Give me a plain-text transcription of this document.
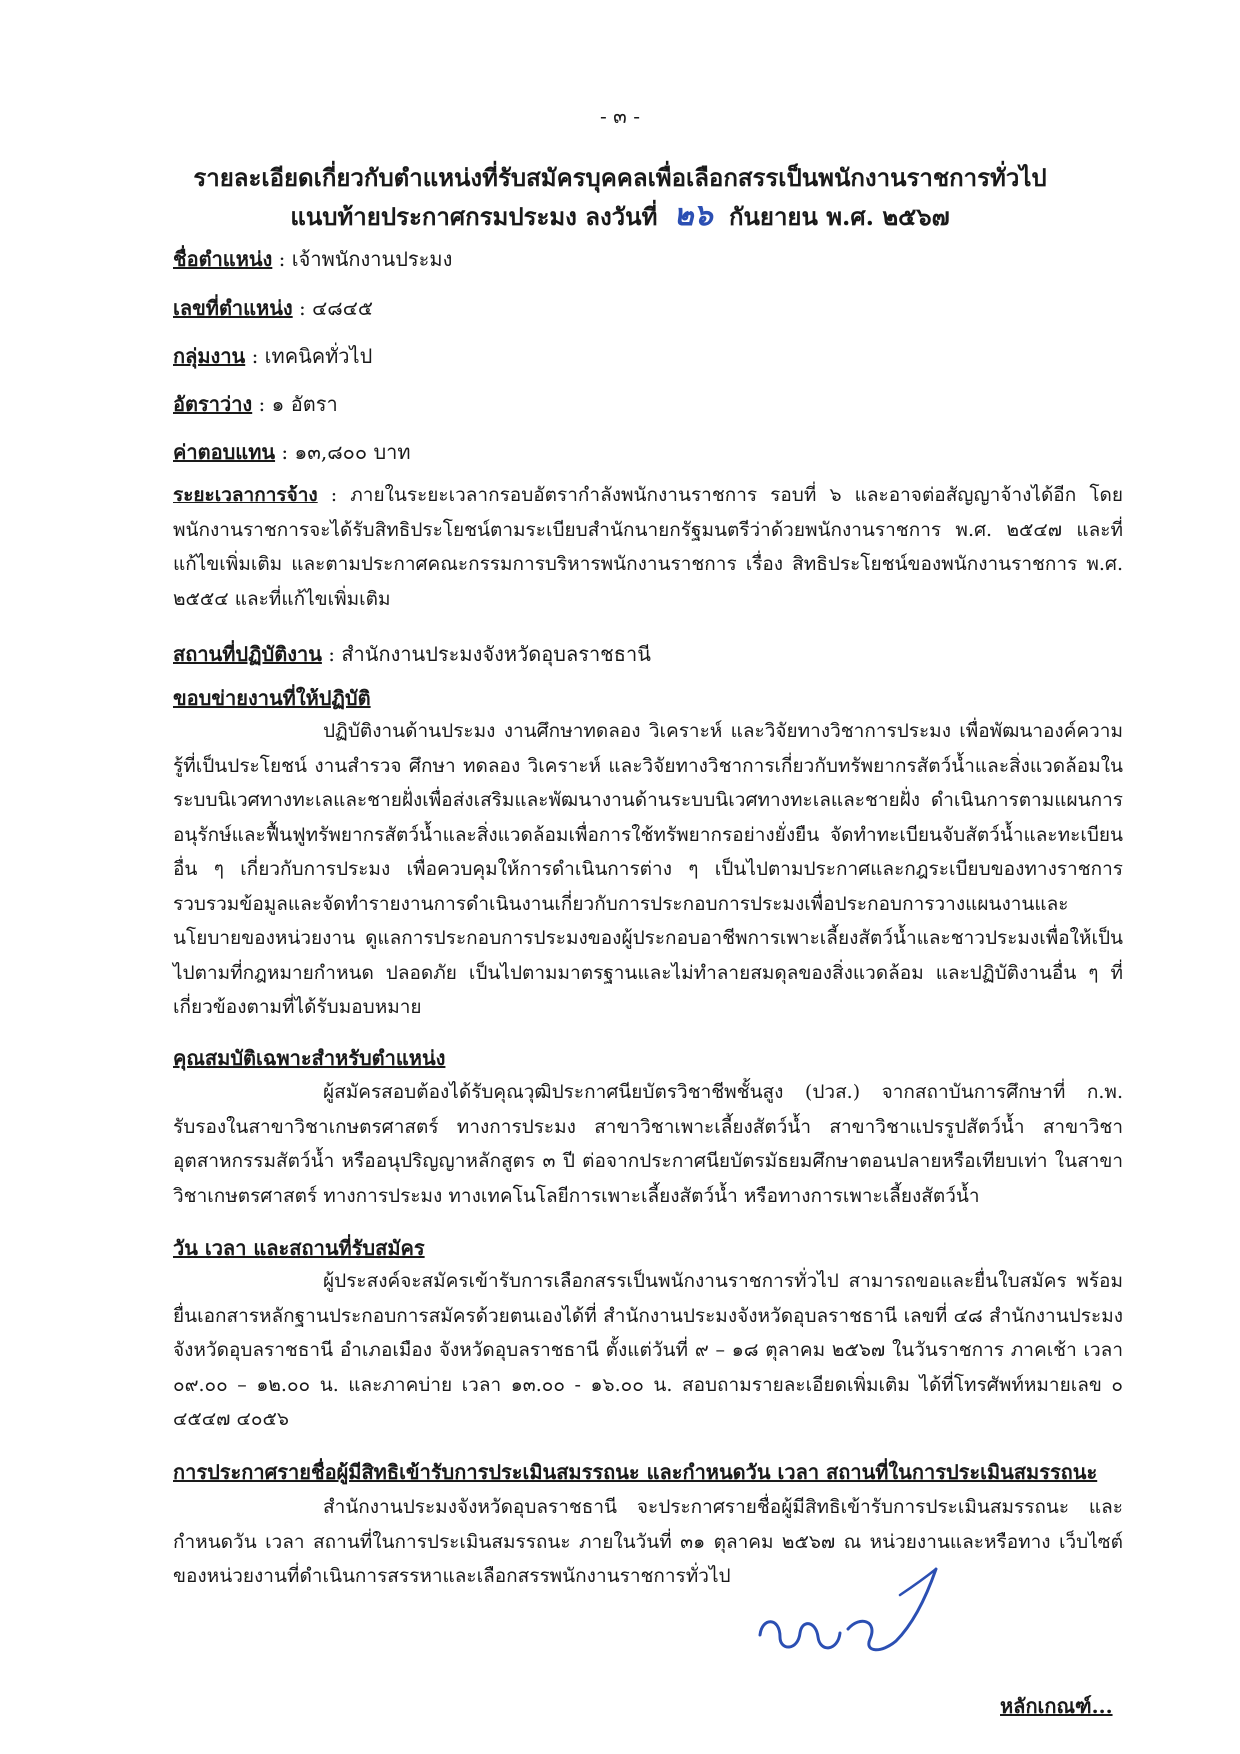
- ๓ -
รายละเอียดเกี่ยวกับตำแหน่งที่รับสมัครบุคคลเพื่อเลือกสรรเป็นพนักงานราชการทั่วไป
แนบท้ายประกาศกรมประมง ลงวันที่ ๒๖ กันยายน พ.ศ. ๒๕๖๗
ชื่อตำแหน่ง : เจ้าพนักงานประมง
เลขที่ตำแหน่ง : ๔๘๔๕
กลุ่มงาน : เทคนิคทั่วไป
อัตราว่าง : ๑ อัตรา
ค่าตอบแทน : ๑๓,๘๐๐ บาท
ระยะเวลาการจ้าง : ภายในระยะเวลากรอบอัตรากำลังพนักงานราชการ รอบที่ ๖ และอาจต่อสัญญาจ้างได้อีก โดยพนักงานราชการจะได้รับสิทธิประโยชน์ตามระเบียบสำนักนายกรัฐมนตรีว่าด้วยพนักงานราชการ พ.ศ. ๒๕๔๗ และที่แก้ไขเพิ่มเติม และตามประกาศคณะกรรมการบริหารพนักงานราชการ เรื่อง สิทธิประโยชน์ของพนักงานราชการ พ.ศ. ๒๕๕๔ และที่แก้ไขเพิ่มเติม
สถานที่ปฏิบัติงาน : สำนักงานประมงจังหวัดอุบลราชธานี
ขอบข่ายงานที่ให้ปฏิบัติ
ปฏิบัติงานด้านประมง งานศึกษาทดลอง วิเคราะห์ และวิจัยทางวิชาการประมง เพื่อพัฒนาองค์ความรู้ที่เป็นประโยชน์ งานสำรวจ ศึกษา ทดลอง วิเคราะห์ และวิจัยทางวิชาการเกี่ยวกับทรัพยากรสัตว์น้ำและสิ่งแวดล้อมในระบบนิเวศทางทะเลและชายฝั่งเพื่อส่งเสริมและพัฒนางานด้านระบบนิเวศทางทะเลและชายฝั่ง ดำเนินการตามแผนการอนุรักษ์และฟื้นฟูทรัพยากรสัตว์น้ำและสิ่งแวดล้อมเพื่อการใช้ทรัพยากรอย่างยั่งยืน จัดทำทะเบียนจับสัตว์น้ำและทะเบียนอื่น ๆ เกี่ยวกับการประมง เพื่อควบคุมให้การดำเนินการต่าง ๆ เป็นไปตามประกาศและกฎระเบียบของทางราชการ รวบรวมข้อมูลและจัดทำรายงานการดำเนินงานเกี่ยวกับการประกอบการประมงเพื่อประกอบการวางแผนงานและนโยบายของหน่วยงาน ดูแลการประกอบการประมงของผู้ประกอบอาชีพการเพาะเลี้ยงสัตว์น้ำและชาวประมงเพื่อให้เป็นไปตามที่กฎหมายกำหนด ปลอดภัย เป็นไปตามมาตรฐานและไม่ทำลายสมดุลของสิ่งแวดล้อม และปฏิบัติงานอื่น ๆ ที่เกี่ยวข้องตามที่ได้รับมอบหมาย
คุณสมบัติเฉพาะสำหรับตำแหน่ง
ผู้สมัครสอบต้องได้รับคุณวุฒิประกาศนียบัตรวิชาชีพชั้นสูง (ปวส.) จากสถาบันการศึกษาที่ ก.พ. รับรองในสาขาวิชาเกษตรศาสตร์ ทางการประมง สาขาวิชาเพาะเลี้ยงสัตว์น้ำ สาขาวิชาแปรรูปสัตว์น้ำ สาขาวิชาอุตสาหกรรมสัตว์น้ำ หรืออนุปริญญาหลักสูตร ๓ ปี ต่อจากประกาศนียบัตรมัธยมศึกษาตอนปลายหรือเทียบเท่า ในสาขาวิชาเกษตรศาสตร์ ทางการประมง ทางเทคโนโลยีการเพาะเลี้ยงสัตว์น้ำ หรือทางการเพาะเลี้ยงสัตว์น้ำ
วัน เวลา และสถานที่รับสมัคร
ผู้ประสงค์จะสมัครเข้ารับการเลือกสรรเป็นพนักงานราชการทั่วไป สามารถขอและยื่นใบสมัคร พร้อมยื่นเอกสารหลักฐานประกอบการสมัครด้วยตนเองได้ที่ สำนักงานประมงจังหวัดอุบลราชธานี เลขที่ ๔๘ สำนักงานประมงจังหวัดอุบลราชธานี อำเภอเมือง จังหวัดอุบลราชธานี ตั้งแต่วันที่ ๙ – ๑๘ ตุลาคม ๒๕๖๗ ในวันราชการ ภาคเช้า เวลา ๐๙.๐๐ – ๑๒.๐๐ น. และภาคบ่าย เวลา ๑๓.๐๐ - ๑๖.๐๐ น. สอบถามรายละเอียดเพิ่มเติม ได้ที่โทรศัพท์หมายเลข ๐ ๔๕๔๗ ๔๐๕๖
การประกาศรายชื่อผู้มีสิทธิเข้ารับการประเมินสมรรถนะ และกำหนดวัน เวลา สถานที่ในการประเมินสมรรถนะ
สำนักงานประมงจังหวัดอุบลราชธานี จะประกาศรายชื่อผู้มีสิทธิเข้ารับการประเมินสมรรถนะ และกำหนดวัน เวลา สถานที่ในการประเมินสมรรถนะ ภายในวันที่ ๓๑ ตุลาคม ๒๕๖๗ ณ หน่วยงานและหรือทาง เว็บไซต์ของหน่วยงานที่ดำเนินการสรรหาและเลือกสรรพนักงานราชการทั่วไป
หลักเกณฑ์...
